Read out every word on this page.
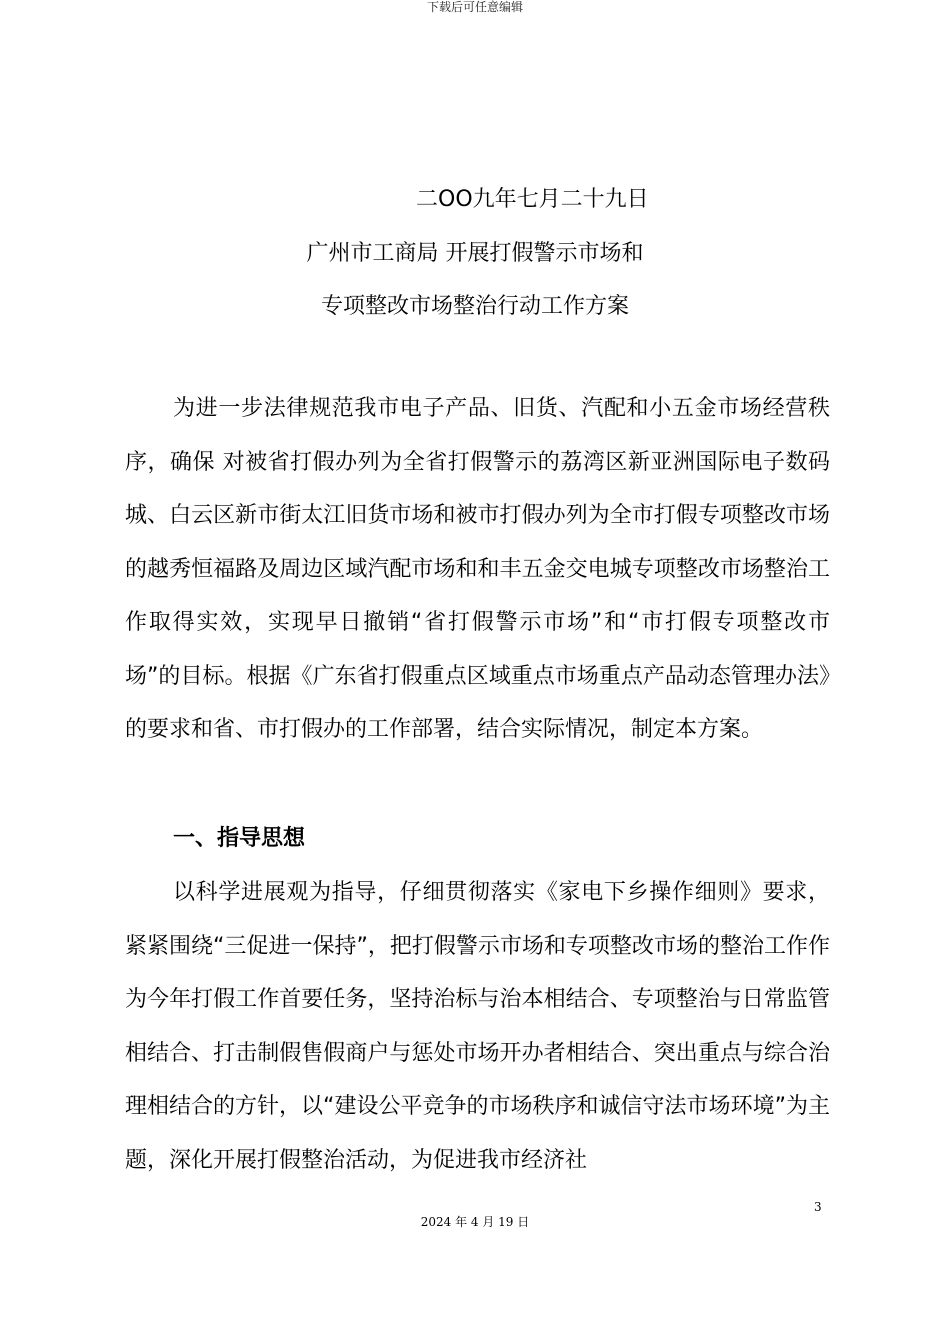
下载后可任意编辑
二OO九年七月二十九日
广州市工商局 开展打假警示市场和
专项整改市场整治行动工作方案

为进一步法律规范我市电子产品、旧货、汽配和小五金市场经营秩序，确保 对被省打假办列为全省打假警示的荔湾区新亚洲国际电子数码城、白云区新市街太江旧货市场和被市打假办列为全市打假专项整改市场的越秀恒福路及周边区域汽配市场和和丰五金交电城专项整改市场整治工作取得实效，实现早日撤销“省打假警示市场”和“市打假专项整改市场”的目标。根据《广东省打假重点区域重点市场重点产品动态管理办法》的要求和省、市打假办的工作部署，结合实际情况，制定本方案。

一、指导思想

以科学进展观为指导，仔细贯彻落实《家电下乡操作细则》要求，紧紧围绕“三促进一保持”，把打假警示市场和专项整改市场的整治工作作为今年打假工作首要任务，坚持治标与治本相结合、专项整治与日常监管相结合、打击制假售假商户与惩处市场开办者相结合、突出重点与综合治理相结合的方针，以“建设公平竞争的市场秩序和诚信守法市场环境”为主题，深化开展打假整治活动，为促进我市经济社

3
2024 年 4 月 19 日
